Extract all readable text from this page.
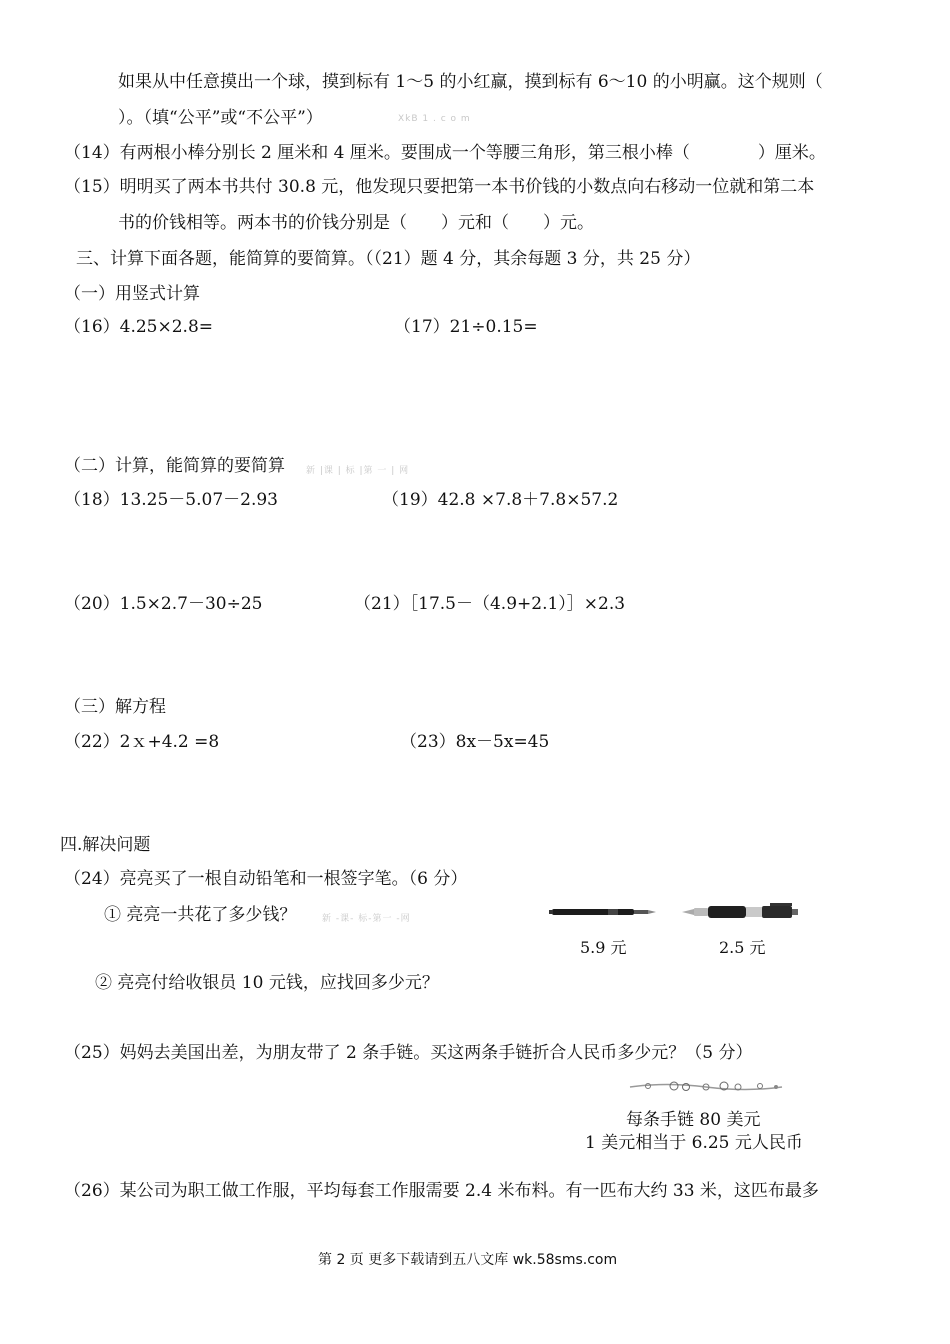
如果从中任意摸出一个球，摸到标有 1～5 的小红赢，摸到标有 6～10 的小明赢。这个规则（
）。（填“公平”或“不公平”）	XkB 1 . c o m
（14）有两根小棒分别长 2 厘米和 4 厘米。要围成一个等腰三角形，第三根小棒（　　　　）厘米。
（15）明明买了两本书共付 30.8 元，他发现只要把第一本书价钱的小数点向右移动一位就和第二本
书的价钱相等。两本书的价钱分别是（　　）元和（　　）元。
三、计算下面各题，能简算的要简算。（（21）题 4 分，其余每题 3 分，共 25 分）
（一）用竖式计算
（16）4.25×2.8=	（17）21÷0.15=
（二）计算，能简算的要简算 新 |课 | 标 |第 一 | 网
（18）13.25－5.07－2.93	（19）42.8 ×7.8＋7.8×57.2
（20）1.5×2.7－30÷25	（21）［17.5－（4.9+2.1）］×2.3
（三）解方程
（22）2ｘ+4.2 =8	（23）8x－5x=45
四.解决问题
（24）亮亮买了一根自动铅笔和一根签字笔。（6 分）
① 亮亮一共花了多少钱？	新 -课- 标-第一 -网
5.9 元	2.5 元
② 亮亮付给收银员 10 元钱，应找回多少元？
（25）妈妈去美国出差，为朋友带了 2 条手链。买这两条手链折合人民币多少元？（5 分）
每条手链 80 美元
1 美元相当于 6.25 元人民币
（26）某公司为职工做工作服，平均每套工作服需要 2.4 米布料。有一匹布大约 33 米，这匹布最多
第 2 页 更多下载请到五八文库 wk.58sms.com
